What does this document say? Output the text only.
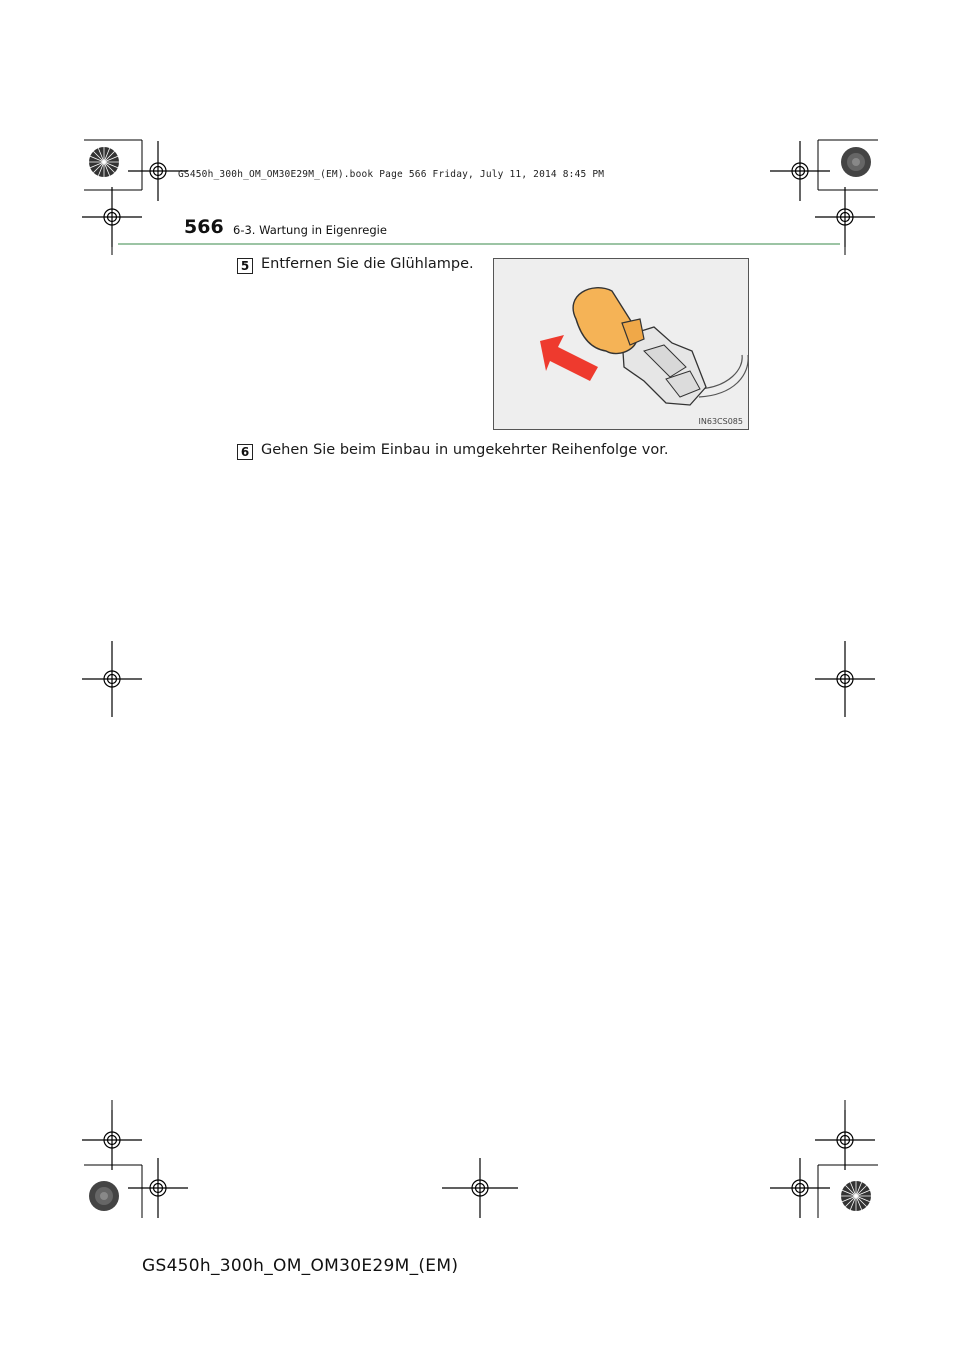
GS450h_300h_OM_OM30E29M_(EM).book Page 566 Friday, July 11, 2014 8:45 PM
566 6-3. Wartung in Eigenregie
5 Entfernen Sie die Glühlampe.
IN63CS085
6 Gehen Sie beim Einbau in umgekehrter Reihenfolge vor.
GS450h_300h_OM_OM30E29M_(EM)
